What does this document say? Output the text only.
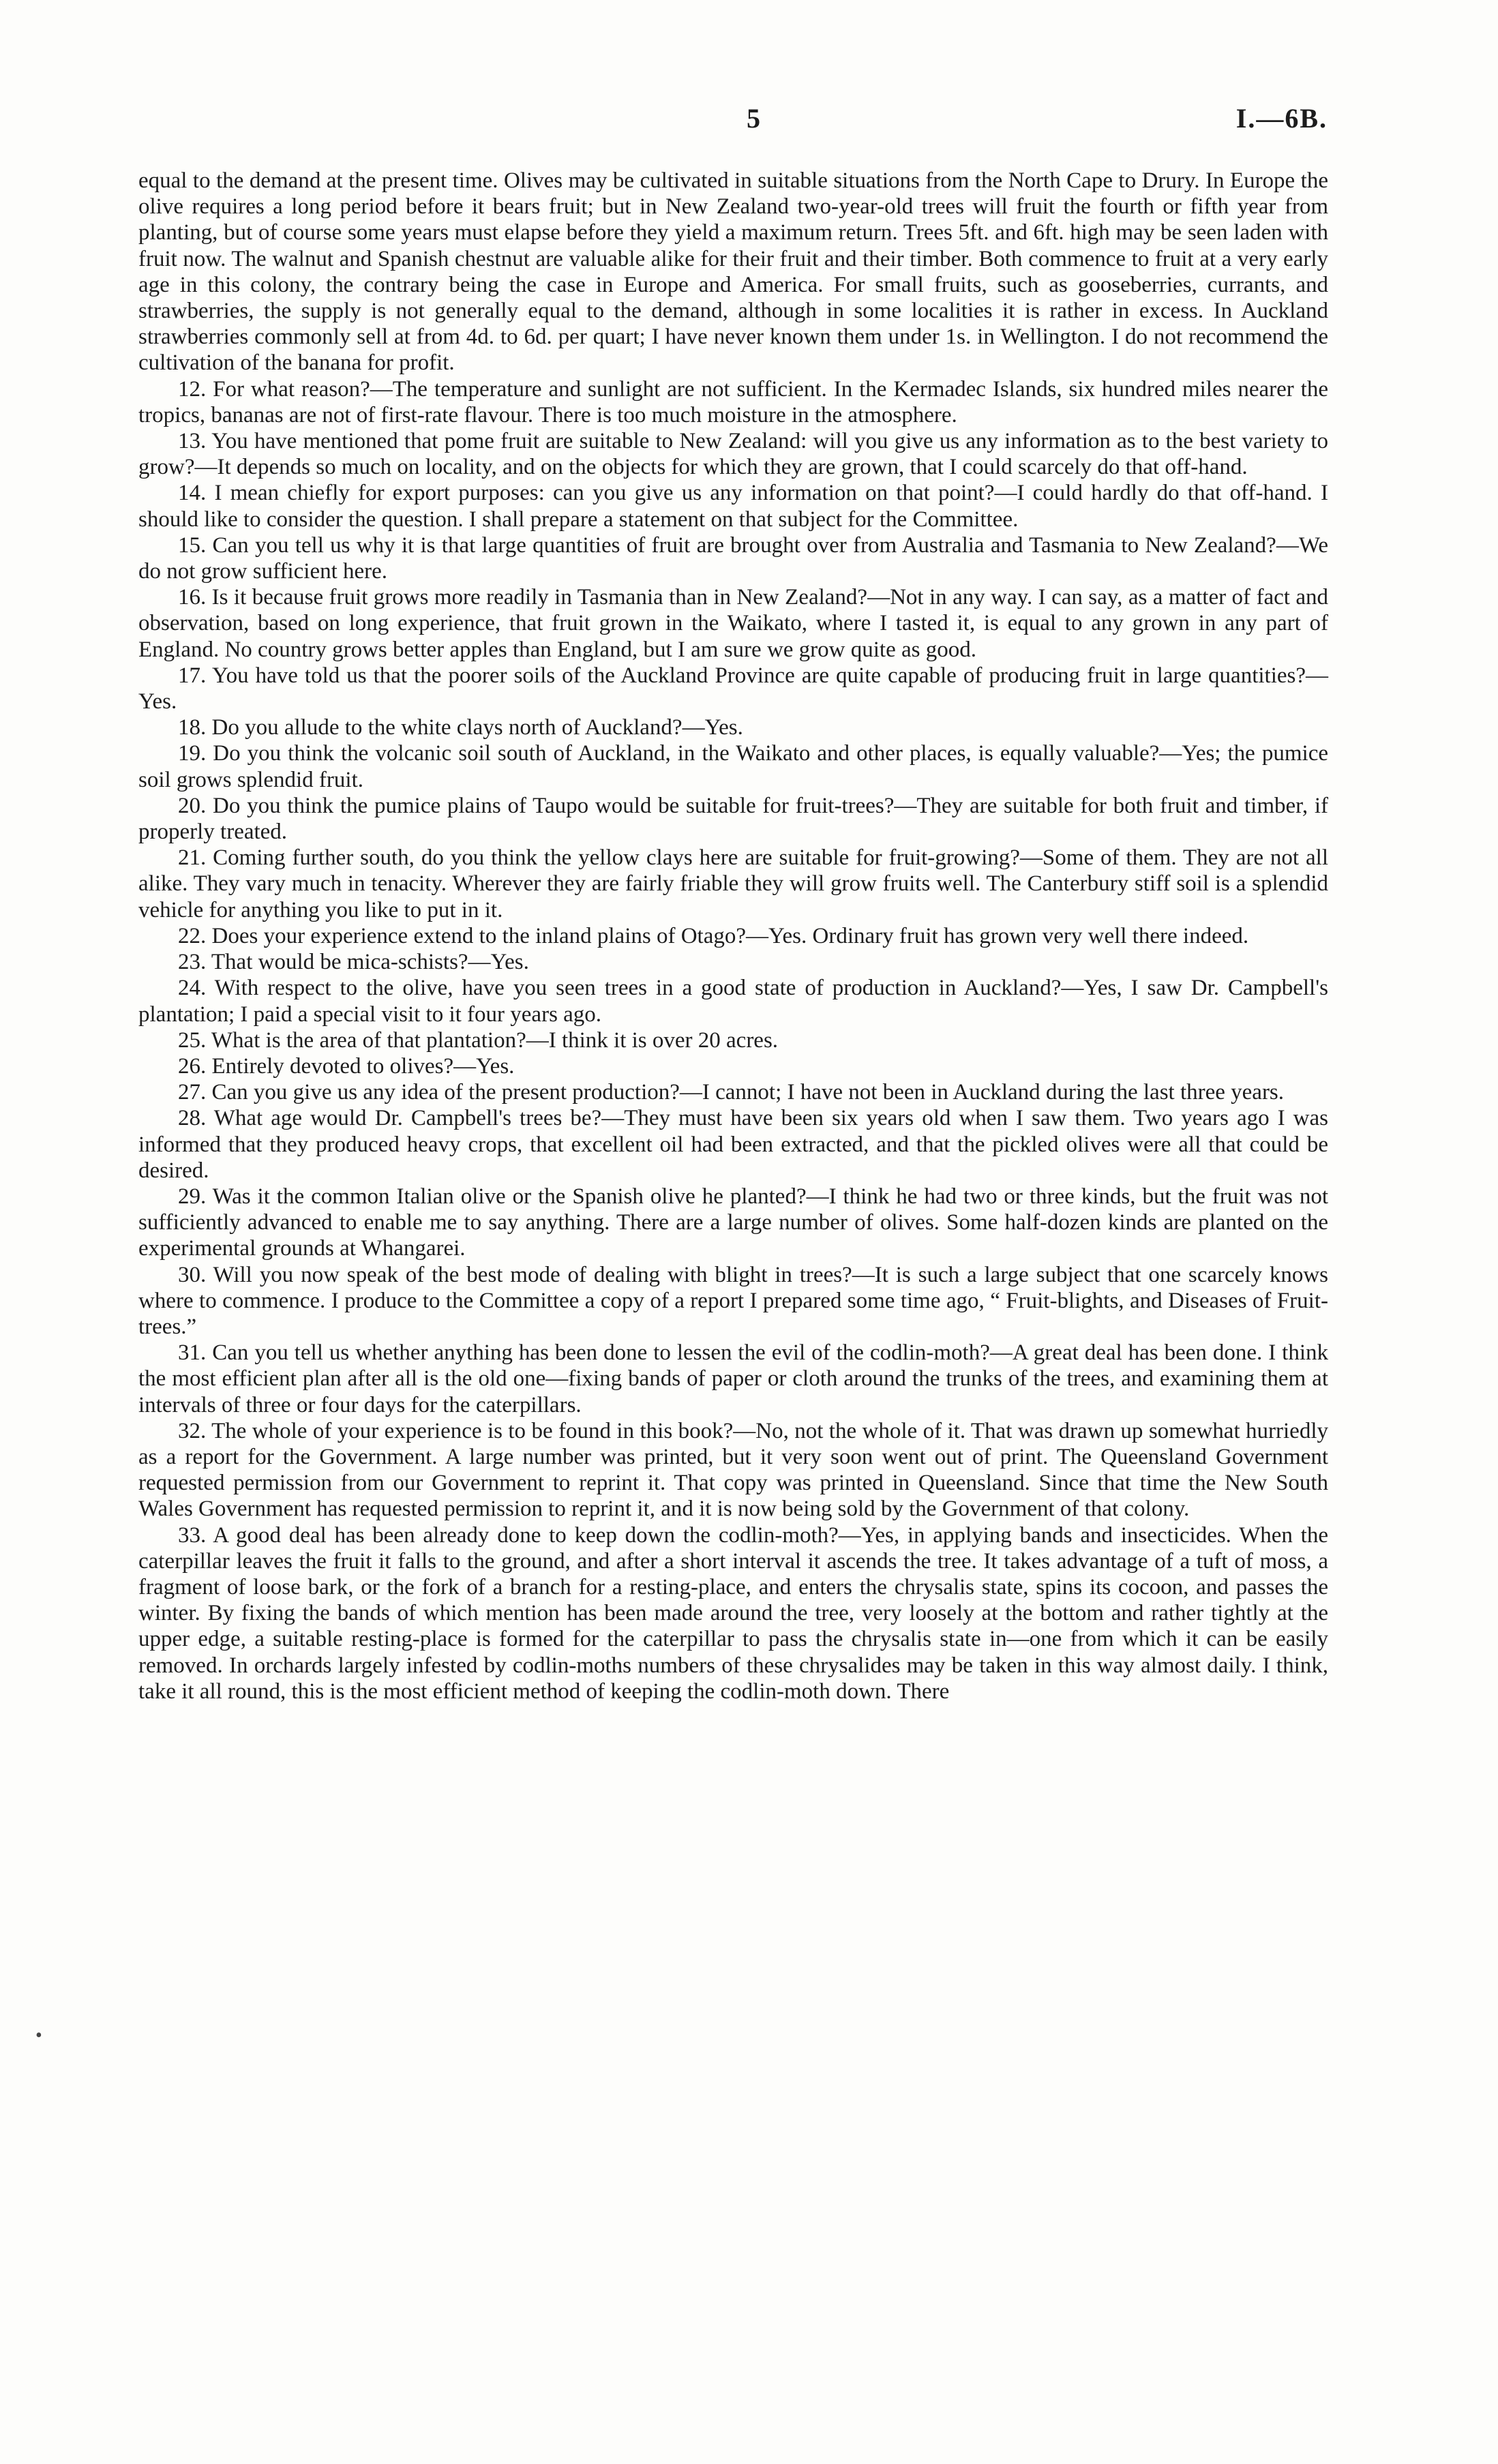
5	I.—6B.

equal to the demand at the present time. Olives may be cultivated in suitable situations from the North Cape to Drury. In Europe the olive requires a long period before it bears fruit; but in New Zealand two-year-old trees will fruit the fourth or fifth year from planting, but of course some years must elapse before they yield a maximum return. Trees 5ft. and 6ft. high may be seen laden with fruit now. The walnut and Spanish chestnut are valuable alike for their fruit and their timber. Both commence to fruit at a very early age in this colony, the contrary being the case in Europe and America. For small fruits, such as gooseberries, currants, and strawberries, the supply is not generally equal to the demand, although in some localities it is rather in excess. In Auckland strawberries commonly sell at from 4d. to 6d. per quart; I have never known them under 1s. in Wellington. I do not recommend the cultivation of the banana for profit.

12. For what reason?—The temperature and sunlight are not sufficient. In the Kermadec Islands, six hundred miles nearer the tropics, bananas are not of first-rate flavour. There is too much moisture in the atmosphere.

13. You have mentioned that pome fruit are suitable to New Zealand: will you give us any information as to the best variety to grow?—It depends so much on locality, and on the objects for which they are grown, that I could scarcely do that off-hand.

14. I mean chiefly for export purposes: can you give us any information on that point?—I could hardly do that off-hand. I should like to consider the question. I shall prepare a statement on that subject for the Committee.

15. Can you tell us why it is that large quantities of fruit are brought over from Australia and Tasmania to New Zealand?—We do not grow sufficient here.

16. Is it because fruit grows more readily in Tasmania than in New Zealand?—Not in any way. I can say, as a matter of fact and observation, based on long experience, that fruit grown in the Waikato, where I tasted it, is equal to any grown in any part of England. No country grows better apples than England, but I am sure we grow quite as good.

17. You have told us that the poorer soils of the Auckland Province are quite capable of producing fruit in large quantities?—Yes.

18. Do you allude to the white clays north of Auckland?—Yes.

19. Do you think the volcanic soil south of Auckland, in the Waikato and other places, is equally valuable?—Yes; the pumice soil grows splendid fruit.

20. Do you think the pumice plains of Taupo would be suitable for fruit-trees?—They are suitable for both fruit and timber, if properly treated.

21. Coming further south, do you think the yellow clays here are suitable for fruit-growing?—Some of them. They are not all alike. They vary much in tenacity. Wherever they are fairly friable they will grow fruits well. The Canterbury stiff soil is a splendid vehicle for anything you like to put in it.

22. Does your experience extend to the inland plains of Otago?—Yes. Ordinary fruit has grown very well there indeed.

23. That would be mica-schists?—Yes.

24. With respect to the olive, have you seen trees in a good state of production in Auckland?—Yes, I saw Dr. Campbell's plantation; I paid a special visit to it four years ago.

25. What is the area of that plantation?—I think it is over 20 acres.

26. Entirely devoted to olives?—Yes.

27. Can you give us any idea of the present production?—I cannot; I have not been in Auckland during the last three years.

28. What age would Dr. Campbell's trees be?—They must have been six years old when I saw them. Two years ago I was informed that they produced heavy crops, that excellent oil had been extracted, and that the pickled olives were all that could be desired.

29. Was it the common Italian olive or the Spanish olive he planted?—I think he had two or three kinds, but the fruit was not sufficiently advanced to enable me to say anything. There are a large number of olives. Some half-dozen kinds are planted on the experimental grounds at Whangarei.

30. Will you now speak of the best mode of dealing with blight in trees?—It is such a large subject that one scarcely knows where to commence. I produce to the Committee a copy of a report I prepared some time ago, “ Fruit-blights, and Diseases of Fruit-trees.”

31. Can you tell us whether anything has been done to lessen the evil of the codlin-moth?—A great deal has been done. I think the most efficient plan after all is the old one—fixing bands of paper or cloth around the trunks of the trees, and examining them at intervals of three or four days for the caterpillars.

32. The whole of your experience is to be found in this book?—No, not the whole of it. That was drawn up somewhat hurriedly as a report for the Government. A large number was printed, but it very soon went out of print. The Queensland Government requested permission from our Government to reprint it. That copy was printed in Queensland. Since that time the New South Wales Government has requested permission to reprint it, and it is now being sold by the Government of that colony.

33. A good deal has been already done to keep down the codlin-moth?—Yes, in applying bands and insecticides. When the caterpillar leaves the fruit it falls to the ground, and after a short interval it ascends the tree. It takes advantage of a tuft of moss, a fragment of loose bark, or the fork of a branch for a resting-place, and enters the chrysalis state, spins its cocoon, and passes the winter. By fixing the bands of which mention has been made around the tree, very loosely at the bottom and rather tightly at the upper edge, a suitable resting-place is formed for the caterpillar to pass the chrysalis state in—one from which it can be easily removed. In orchards largely infested by codlin-moths numbers of these chrysalides may be taken in this way almost daily. I think, take it all round, this is the most efficient method of keeping the codlin-moth down. There

•
